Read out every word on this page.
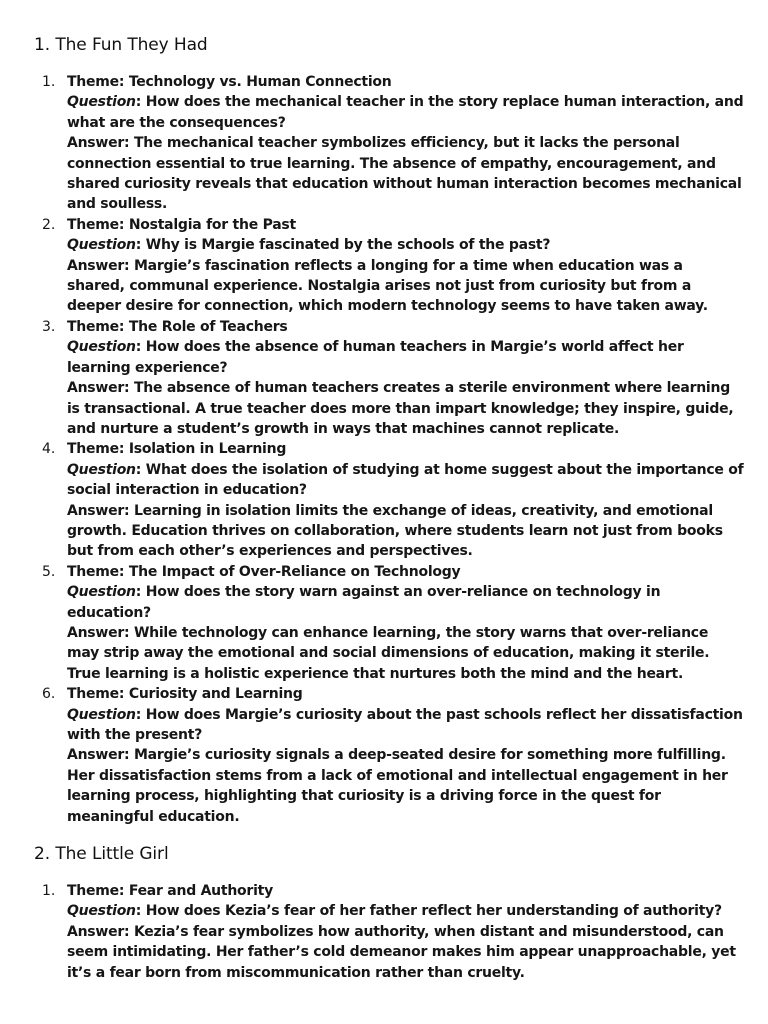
1. The Fun They Had
1. Theme: Technology vs. Human Connection
Question: How does the mechanical teacher in the story replace human interaction, and what are the consequences?
Answer: The mechanical teacher symbolizes efficiency, but it lacks the personal connection essential to true learning. The absence of empathy, encouragement, and shared curiosity reveals that education without human interaction becomes mechanical and soulless.
2. Theme: Nostalgia for the Past
Question: Why is Margie fascinated by the schools of the past?
Answer: Margie’s fascination reflects a longing for a time when education was a shared, communal experience. Nostalgia arises not just from curiosity but from a deeper desire for connection, which modern technology seems to have taken away.
3. Theme: The Role of Teachers
Question: How does the absence of human teachers in Margie’s world affect her learning experience?
Answer: The absence of human teachers creates a sterile environment where learning is transactional. A true teacher does more than impart knowledge; they inspire, guide, and nurture a student’s growth in ways that machines cannot replicate.
4. Theme: Isolation in Learning
Question: What does the isolation of studying at home suggest about the importance of social interaction in education?
Answer: Learning in isolation limits the exchange of ideas, creativity, and emotional growth. Education thrives on collaboration, where students learn not just from books but from each other’s experiences and perspectives.
5. Theme: The Impact of Over-Reliance on Technology
Question: How does the story warn against an over-reliance on technology in education?
Answer: While technology can enhance learning, the story warns that over-reliance may strip away the emotional and social dimensions of education, making it sterile. True learning is a holistic experience that nurtures both the mind and the heart.
6. Theme: Curiosity and Learning
Question: How does Margie’s curiosity about the past schools reflect her dissatisfaction with the present?
Answer: Margie’s curiosity signals a deep-seated desire for something more fulfilling. Her dissatisfaction stems from a lack of emotional and intellectual engagement in her learning process, highlighting that curiosity is a driving force in the quest for meaningful education.
2. The Little Girl
1. Theme: Fear and Authority
Question: How does Kezia’s fear of her father reflect her understanding of authority?
Answer: Kezia’s fear symbolizes how authority, when distant and misunderstood, can seem intimidating. Her father’s cold demeanor makes him appear unapproachable, yet it’s a fear born from miscommunication rather than cruelty.
